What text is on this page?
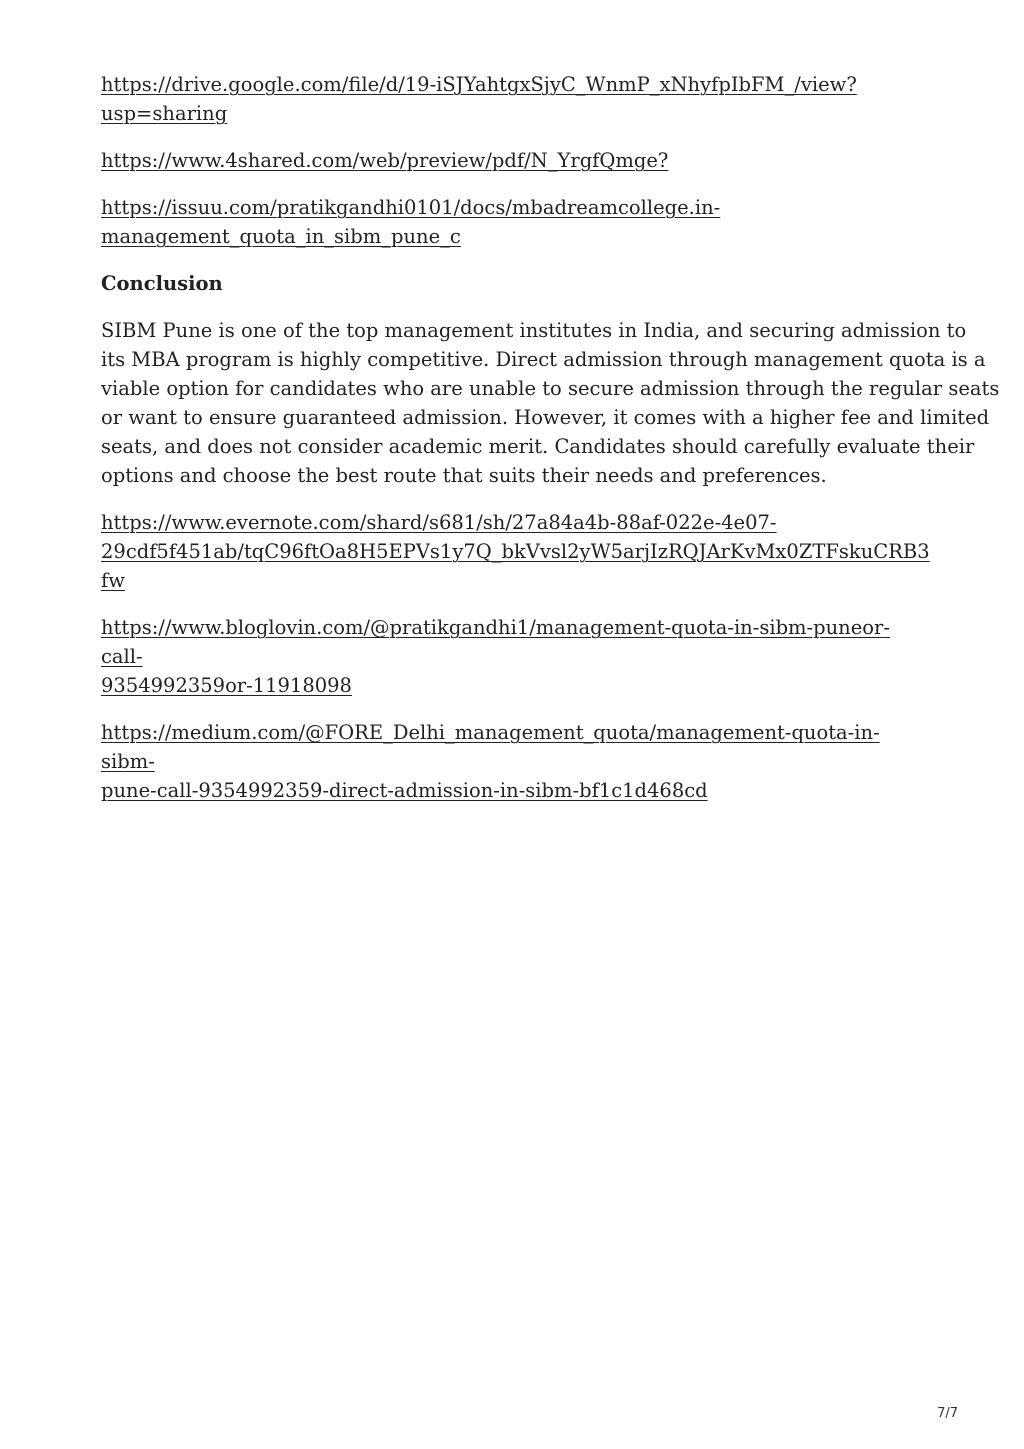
https://drive.google.com/file/d/19-iSJYahtgxSjyC_WnmP_xNhyfpIbFM_/view?
usp=sharing

https://www.4shared.com/web/preview/pdf/N_YrgfQmge?

https://issuu.com/pratikgandhi0101/docs/mbadreamcollege.in-
management_quota_in_sibm_pune_c

Conclusion

SIBM Pune is one of the top management institutes in India, and securing admission to
its MBA program is highly competitive. Direct admission through management quota is a
viable option for candidates who are unable to secure admission through the regular seats
or want to ensure guaranteed admission. However, it comes with a higher fee and limited
seats, and does not consider academic merit. Candidates should carefully evaluate their
options and choose the best route that suits their needs and preferences.

https://www.evernote.com/shard/s681/sh/27a84a4b-88af-022e-4e07-
29cdf5f451ab/tqC96ftOa8H5EPVs1y7Q_bkVvsl2yW5arjIzRQJArKvMx0ZTFskuCRB3fw

https://www.bloglovin.com/@pratikgandhi1/management-quota-in-sibm-puneor-call-
9354992359or-11918098

https://medium.com/@FORE_Delhi_management_quota/management-quota-in-sibm-
pune-call-9354992359-direct-admission-in-sibm-bf1c1d468cd

7/7
